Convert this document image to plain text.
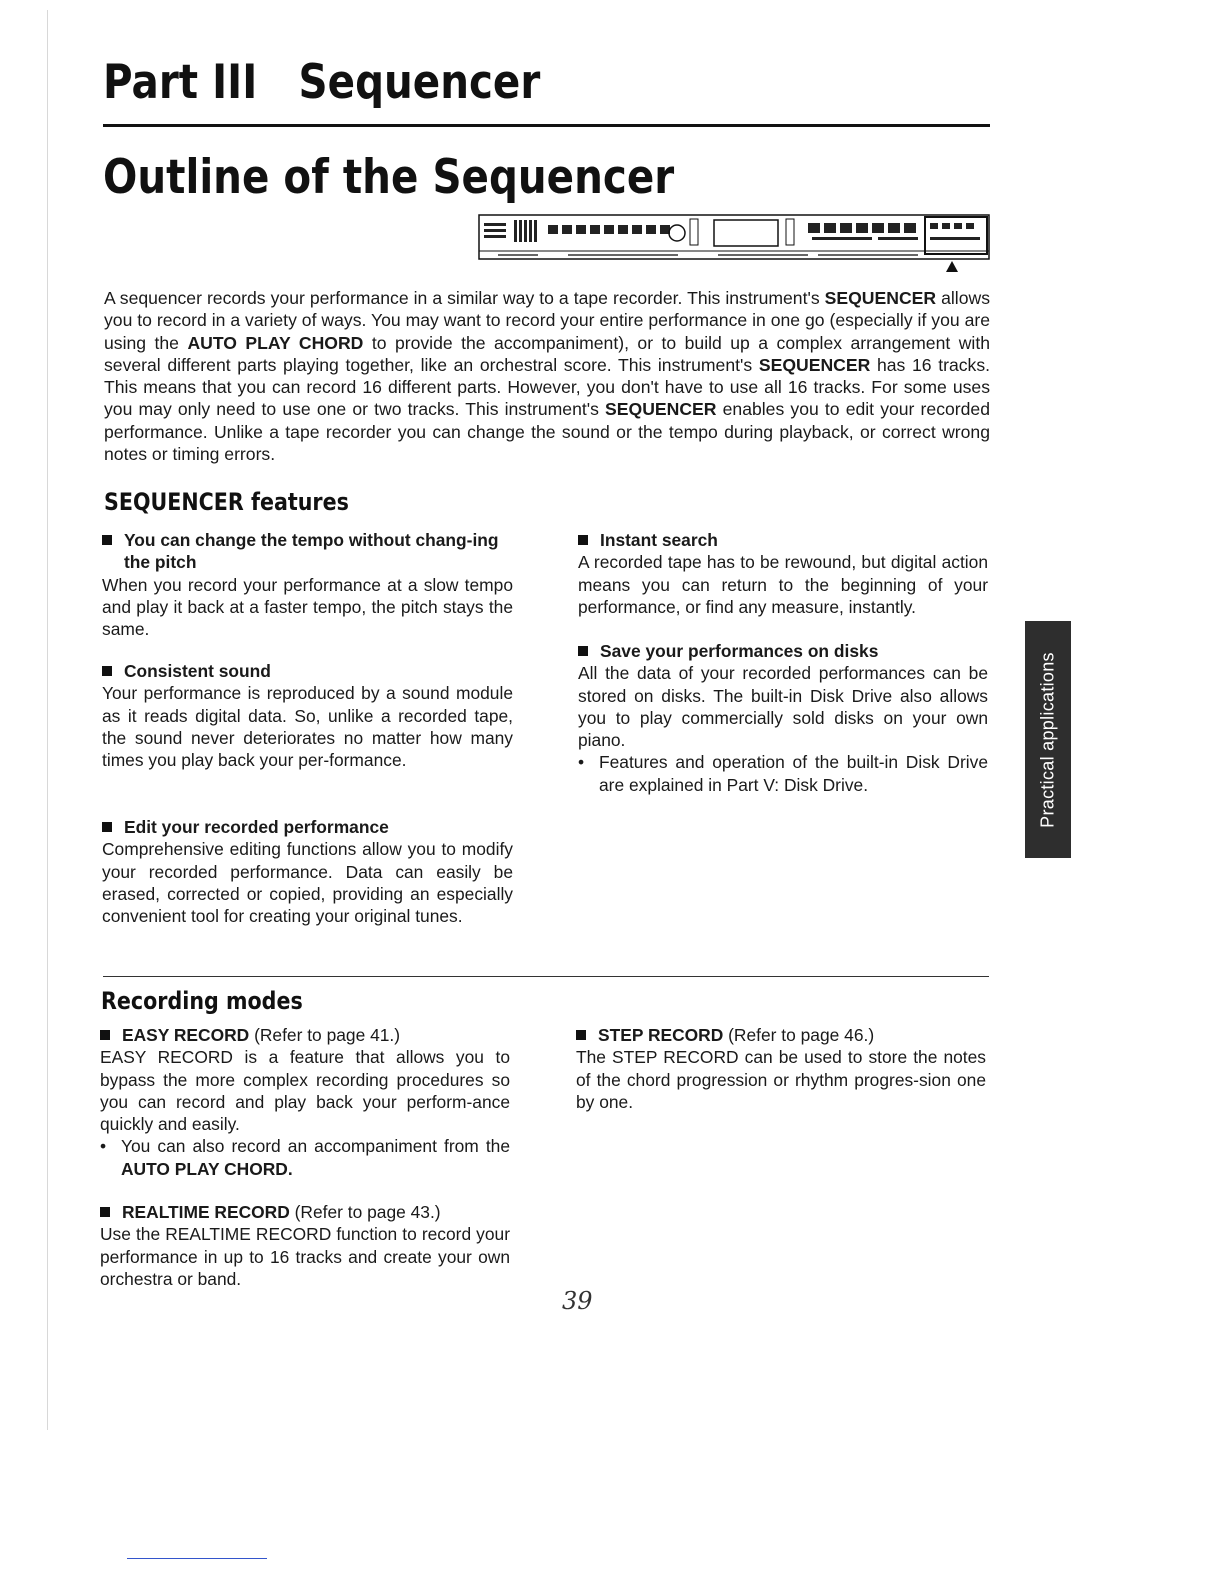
Part III Sequencer
Outline of the Sequencer

A sequencer records your performance in a similar way to a tape recorder. This instrument's SEQUENCER allows you to record in a variety of ways. You may want to record your entire performance in one go (especially if you are using the AUTO PLAY CHORD to provide the accompaniment), or to build up a complex arrangement with several different parts playing together, like an orchestral score. This instrument's SEQUENCER has 16 tracks. This means that you can record 16 different parts. However, you don't have to use all 16 tracks. For some uses you may only need to use one or two tracks. This instrument's SEQUENCER enables you to edit your recorded performance. Unlike a tape recorder you can change the sound or the tempo during playback, or correct wrong notes or timing errors.

SEQUENCER features
You can change the tempo without chang-ing the pitch
When you record your performance at a slow tempo and play it back at a faster tempo, the pitch stays the same.
Consistent sound
Your performance is reproduced by a sound module as it reads digital data. So, unlike a recorded tape, the sound never deteriorates no matter how many times you play back your per-formance.
Edit your recorded performance
Comprehensive editing functions allow you to modify your recorded performance. Data can easily be erased, corrected or copied, providing an especially convenient tool for creating your original tunes.
Instant search
A recorded tape has to be rewound, but digital action means you can return to the beginning of your performance, or find any measure, instantly.
Save your performances on disks
All the data of your recorded performances can be stored on disks. The built-in Disk Drive also allows you to play commercially sold disks on your own piano.
• Features and operation of the built-in Disk Drive are explained in Part V: Disk Drive.	Practical applications
Recording modes
EASY RECORD (Refer to page 41.)
EASY RECORD is a feature that allows you to bypass the more complex recording procedures so you can record and play back your perform-ance quickly and easily.
• You can also record an accompaniment from the AUTO PLAY CHORD.
REALTIME RECORD (Refer to page 43.)
Use the REALTIME RECORD function to record your performance in up to 16 tracks and create your own orchestra or band.
STEP RECORD (Refer to page 46.)
The STEP RECORD can be used to store the notes of the chord progression or rhythm progres-sion one by one.
39
